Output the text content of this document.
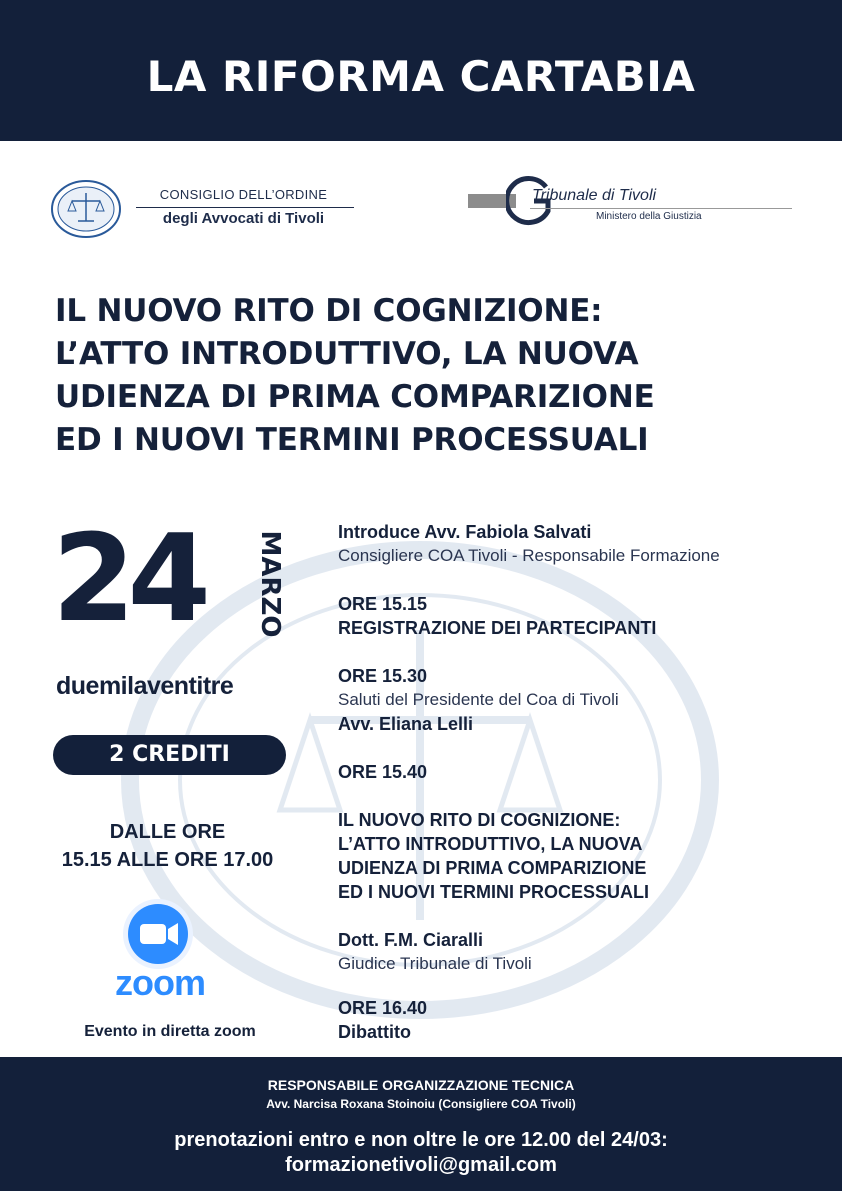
LA RIFORMA CARTABIA
CONSIGLIO DELL’ORDINE
degli Avvocati di Tivoli
Tribunale di Tivoli
Ministero della Giustizia
IL NUOVO RITO DI COGNIZIONE:
L’ATTO INTRODUTTIVO, LA NUOVA
UDIENZA DI PRIMA COMPARIZIONE
ED I NUOVI TERMINI PROCESSUALI
24 MARZO
duemilaventitre
2 CREDITI
DALLE ORE
15.15 ALLE ORE 17.00
zoom
Evento in diretta zoom
Introduce Avv. Fabiola Salvati
Consigliere COA Tivoli - Responsabile Formazione
ORE 15.15
REGISTRAZIONE DEI PARTECIPANTI
ORE 15.30
Saluti del Presidente del Coa di Tivoli
Avv. Eliana Lelli
ORE 15.40
IL NUOVO RITO DI COGNIZIONE:
L’ATTO INTRODUTTIVO, LA NUOVA
UDIENZA DI PRIMA COMPARIZIONE
ED I NUOVI TERMINI PROCESSUALI
Dott. F.M. Ciaralli
Giudice Tribunale di Tivoli
ORE 16.40
Dibattito
RESPONSABILE ORGANIZZAZIONE TECNICA
Avv. Narcisa Roxana Stoinoiu (Consigliere COA Tivoli)
prenotazioni entro e non oltre le ore 12.00 del 24/03:
formazionetivoli@gmail.com
